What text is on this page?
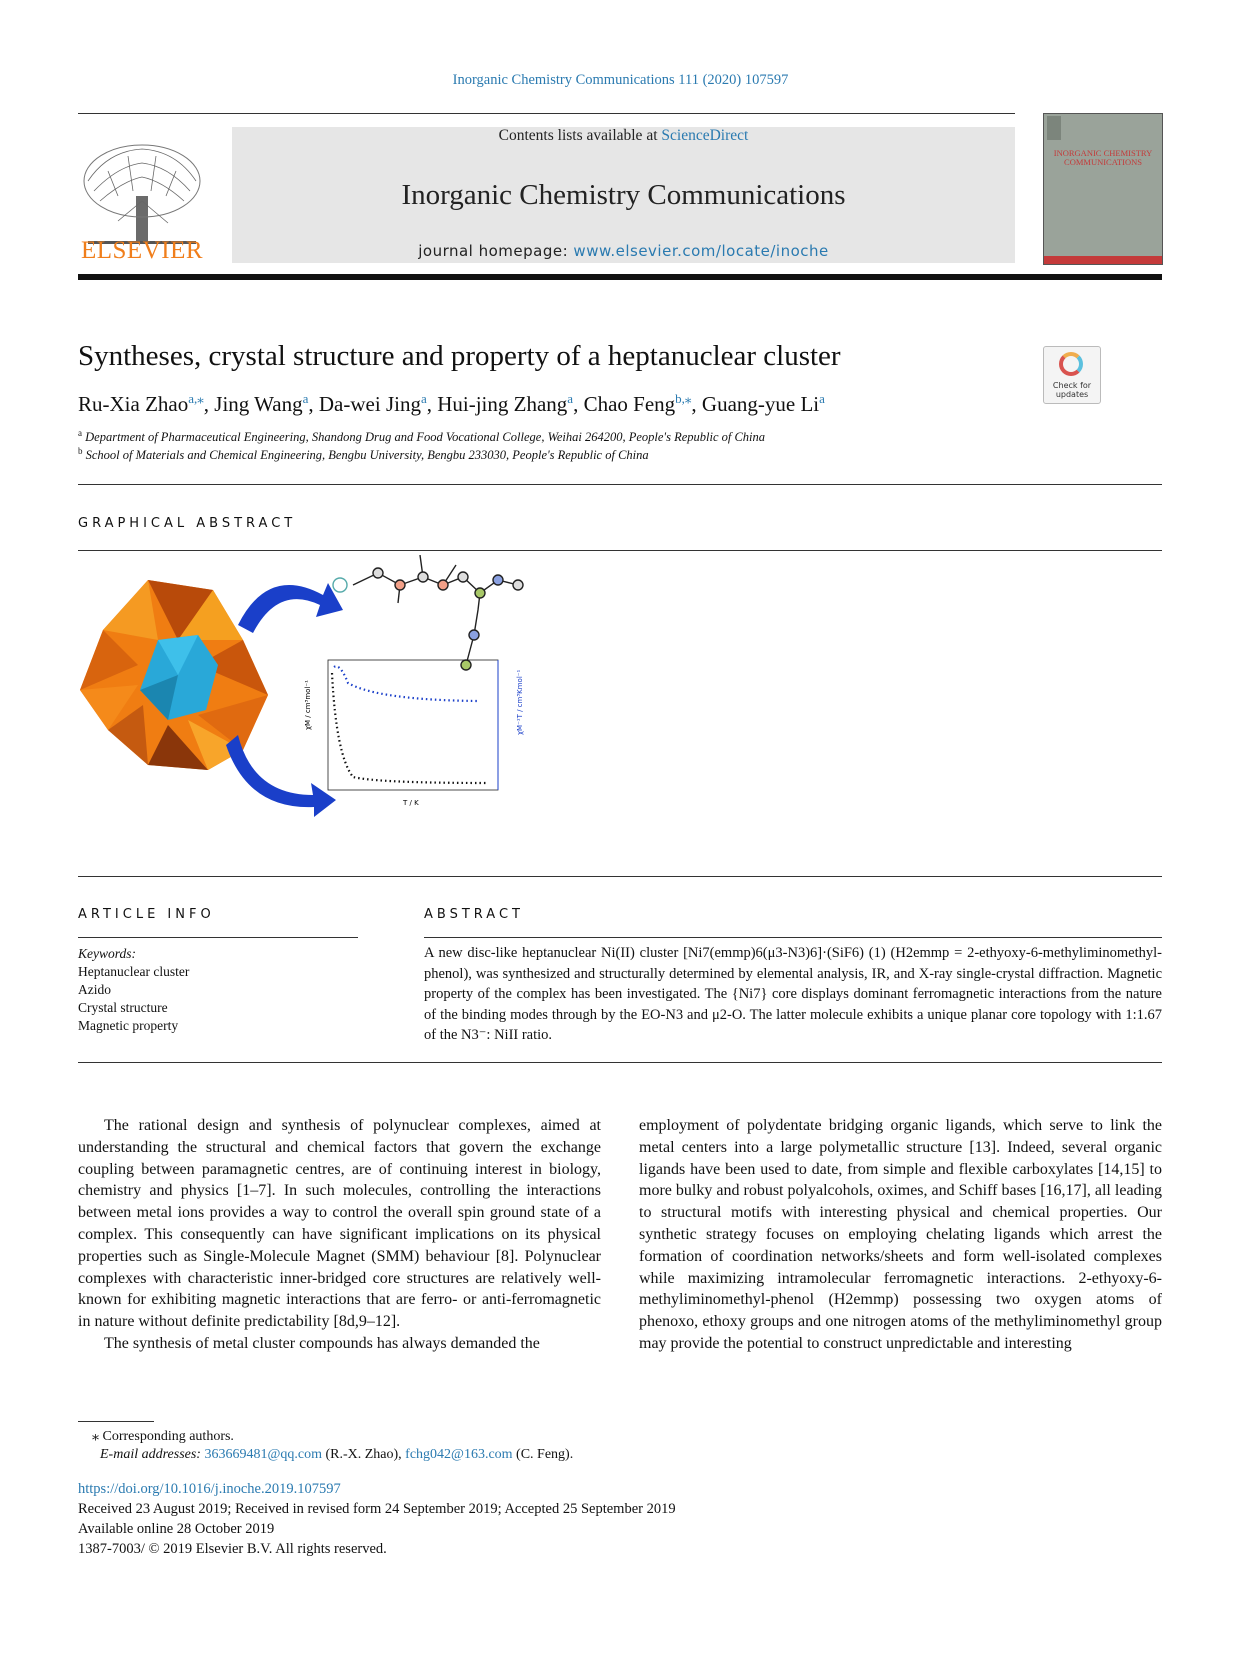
Inorganic Chemistry Communications 111 (2020) 107597
ELSEVIER
Contents lists available at ScienceDirect
Inorganic Chemistry Communications
journal homepage: www.elsevier.com/locate/inoche
INORGANIC CHEMISTRY COMMUNICATIONS
Syntheses, crystal structure and property of a heptanuclear cluster
Check for
updates
Ru-Xia Zhao$^{a,⁎}$, Jing Wang$^a$, Da-wei Jing$^a$, Hui-jing Zhang$^a$, Chao Feng$^{b,⁎}$, Guang-yue Li$^a$
$^a$ Department of Pharmaceutical Engineering, Shandong Drug and Food Vocational College, Weihai 264200, People's Republic of China
$^b$ School of Materials and Chemical Engineering, Bengbu University, Bengbu 233030, People's Republic of China
GRAPHICAL ABSTRACT
χM / cm³mol⁻¹	χM⁻¹T / cm³Kmol⁻¹
T / K
ARTICLE INFO	ABSTRACT
Keywords:
Heptanuclear cluster
Azido
Crystal structure
Magnetic property
A new disc-like heptanuclear Ni(II) cluster [Ni7(emmp)6(μ3-N3)6]·(SiF6) (1) (H2emmp = 2-ethyoxy-6-methyliminomethyl-phenol), was synthesized and structurally determined by elemental analysis, IR, and X-ray single-crystal diffraction. Magnetic property of the complex has been investigated. The {Ni7} core displays dominant ferromagnetic interactions from the nature of the binding modes through by the EO-N3 and μ2-O. The latter molecule exhibits a unique planar core topology with 1:1.67 of the N3⁻: NiII ratio.

The rational design and synthesis of polynuclear complexes, aimed at understanding the structural and chemical factors that govern the exchange coupling between paramagnetic centres, are of continuing interest in biology, chemistry and physics [1–7]. In such molecules, controlling the interactions between metal ions provides a way to control the overall spin ground state of a complex. This consequently can have significant implications on its physical properties such as Single-Molecule Magnet (SMM) behaviour [8]. Polynuclear complexes with characteristic inner-bridged core structures are relatively well-known for exhibiting magnetic interactions that are ferro- or anti-ferromagnetic in nature without definite predictability [8d,9–12].

The synthesis of metal cluster compounds has always demanded the

employment of polydentate bridging organic ligands, which serve to link the metal centers into a large polymetallic structure [13]. Indeed, several organic ligands have been used to date, from simple and flexible carboxylates [14,15] to more bulky and robust polyalcohols, oximes, and Schiff bases [16,17], all leading to structural motifs with interesting physical and chemical properties. Our synthetic strategy focuses on employing chelating ligands which arrest the formation of coordination networks/sheets and form well-isolated complexes while maximizing intramolecular ferromagnetic interactions. 2-ethyoxy-6-methyliminomethyl-phenol (H2emmp) possessing two oxygen atoms of phenoxo, ethoxy groups and one nitrogen atoms of the methyliminomethyl group may provide the potential to construct unpredictable and interesting

⁎ Corresponding authors.
E-mail addresses: 363669481@qq.com (R.-X. Zhao), fchg042@163.com (C. Feng).
https://doi.org/10.1016/j.inoche.2019.107597
Received 23 August 2019; Received in revised form 24 September 2019; Accepted 25 September 2019
Available online 28 October 2019
1387-7003/ © 2019 Elsevier B.V. All rights reserved.
